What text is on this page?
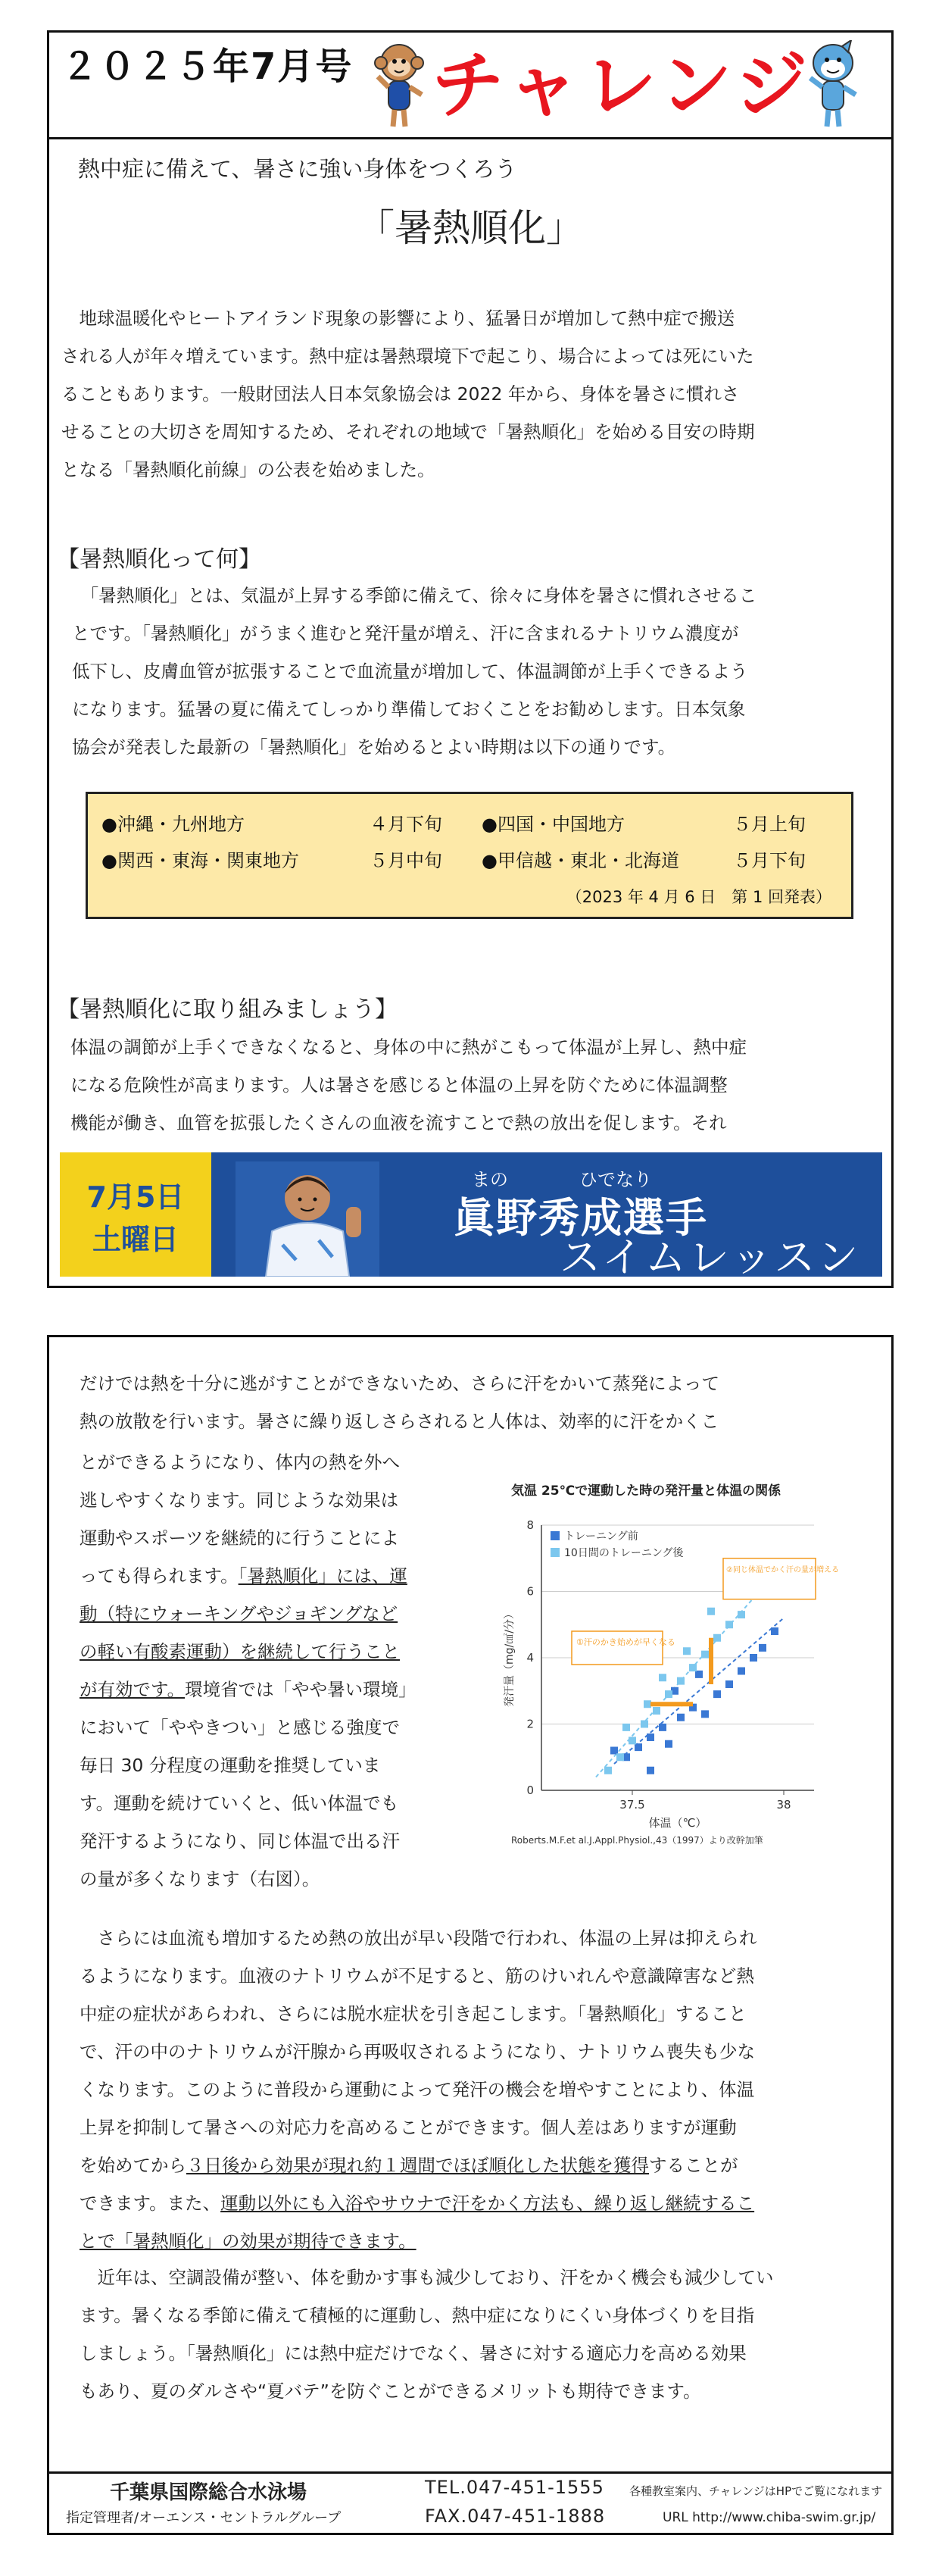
２０２５年7月号 チャレンジ
熱中症に備えて、暑さに強い身体をつくろう
「暑熱順化」
地球温暖化やヒートアイランド現象の影響により、猛暑日が増加して熱中症で搬送
される人が年々増えています。熱中症は暑熱環境下で起こり、場合によっては死にいた
ることもあります。一般財団法人日本気象協会は 2022 年から、身体を暑さに慣れさ
せることの大切さを周知するため、それぞれの地域で「暑熱順化」を始める目安の時期
となる「暑熱順化前線」の公表を始めました。
【暑熱順化って何】
「暑熱順化」とは、気温が上昇する季節に備えて、徐々に身体を暑さに慣れさせるこ
とです。「暑熱順化」がうまく進むと発汗量が増え、汗に含まれるナトリウム濃度が
低下し、皮膚血管が拡張することで血流量が増加して、体温調節が上手くできるよう
になります。猛暑の夏に備えてしっかり準備しておくことをお勧めします。日本気象
協会が発表した最新の「暑熱順化」を始めるとよい時期は以下の通りです。
●沖縄・九州地方	４月下旬 ●四国・中国地方	５月上旬
●関西・東海・関東地方	５月中旬 ●甲信越・東北・北海道	５月下旬
（2023 年 4 月 6 日　第 1 回発表）
【暑熱順化に取り組みましょう】
体温の調節が上手くできなくなると、身体の中に熱がこもって体温が上昇し、熱中症
になる危険性が高まります。人は暑さを感じると体温の上昇を防ぐために体温調整
機能が働き、血管を拡張したくさんの血液を流すことで熱の放出を促します。それ
7月5日
土曜日
まの	ひでなり
眞野秀成選手
スイムレッスン
だけでは熱を十分に逃がすことができないため、さらに汗をかいて蒸発によって
熱の放散を行います。暑さに繰り返しさらされると人体は、効率的に汗をかくこ
とができるようになり、体内の熱を外へ
逃しやすくなります。同じような効果は
運動やスポーツを継続的に行うことによ
っても得られます。「暑熱順化」には、運
動（特にウォーキングやジョギングなど
の軽い有酸素運動）を継続して行うこと
が有効です。環境省では「やや暑い環境」
において「ややきつい」と感じる強度で
毎日 30 分程度の運動を推奨していま
す。運動を続けていくと、低い体温でも
発汗するようになり、同じ体温で出る汗
の量が多くなります（右図）。

気温 25℃で運動した時の発汗量と体温の関係
0
2
4
6
8
37.5	38
体温（℃）
発汗量（mg/㎠/分）
トレーニング前
10日間のトレーニング後
①汗のかき始めが早くなる
②同じ体温でかく汗の量が増える
Roberts.M.F.et al.J.Appl.Physiol.,43（1997）より改幹加筆
さらには血流も増加するため熱の放出が早い段階で行われ、体温の上昇は抑えられ
るようになります。血液のナトリウムが不足すると、筋のけいれんや意識障害など熱
中症の症状があらわれ、さらには脱水症状を引き起こします。「暑熱順化」すること
で、汗の中のナトリウムが汗腺から再吸収されるようになり、ナトリウム喪失も少な
くなります。このように普段から運動によって発汗の機会を増やすことにより、体温
上昇を抑制して暑さへの対応力を高めることができます。個人差はありますが運動
を始めてから３日後から効果が現れ約１週間でほぼ順化した状態を獲得することが
できます。また、運動以外にも入浴やサウナで汗をかく方法も、繰り返し継続するこ
とで「暑熱順化」の効果が期待できます。

近年は、空調設備が整い、体を動かす事も減少しており、汗をかく機会も減少してい
ます。暑くなる季節に備えて積極的に運動し、熱中症になりにくい身体づくりを目指
しましょう。「暑熱順化」には熱中症だけでなく、暑さに対する適応力を高める効果
もあり、夏のダルさや“夏バテ”を防ぐことができるメリットも期待できます。
千葉県国際総合水泳場
指定管理者/オーエンス・セントラルグループ
TEL.047-451-1555
FAX.047-451-1888
各種教室案内、チャレンジはHPでご覧になれます
URL http://www.chiba-swim.gr.jp/
